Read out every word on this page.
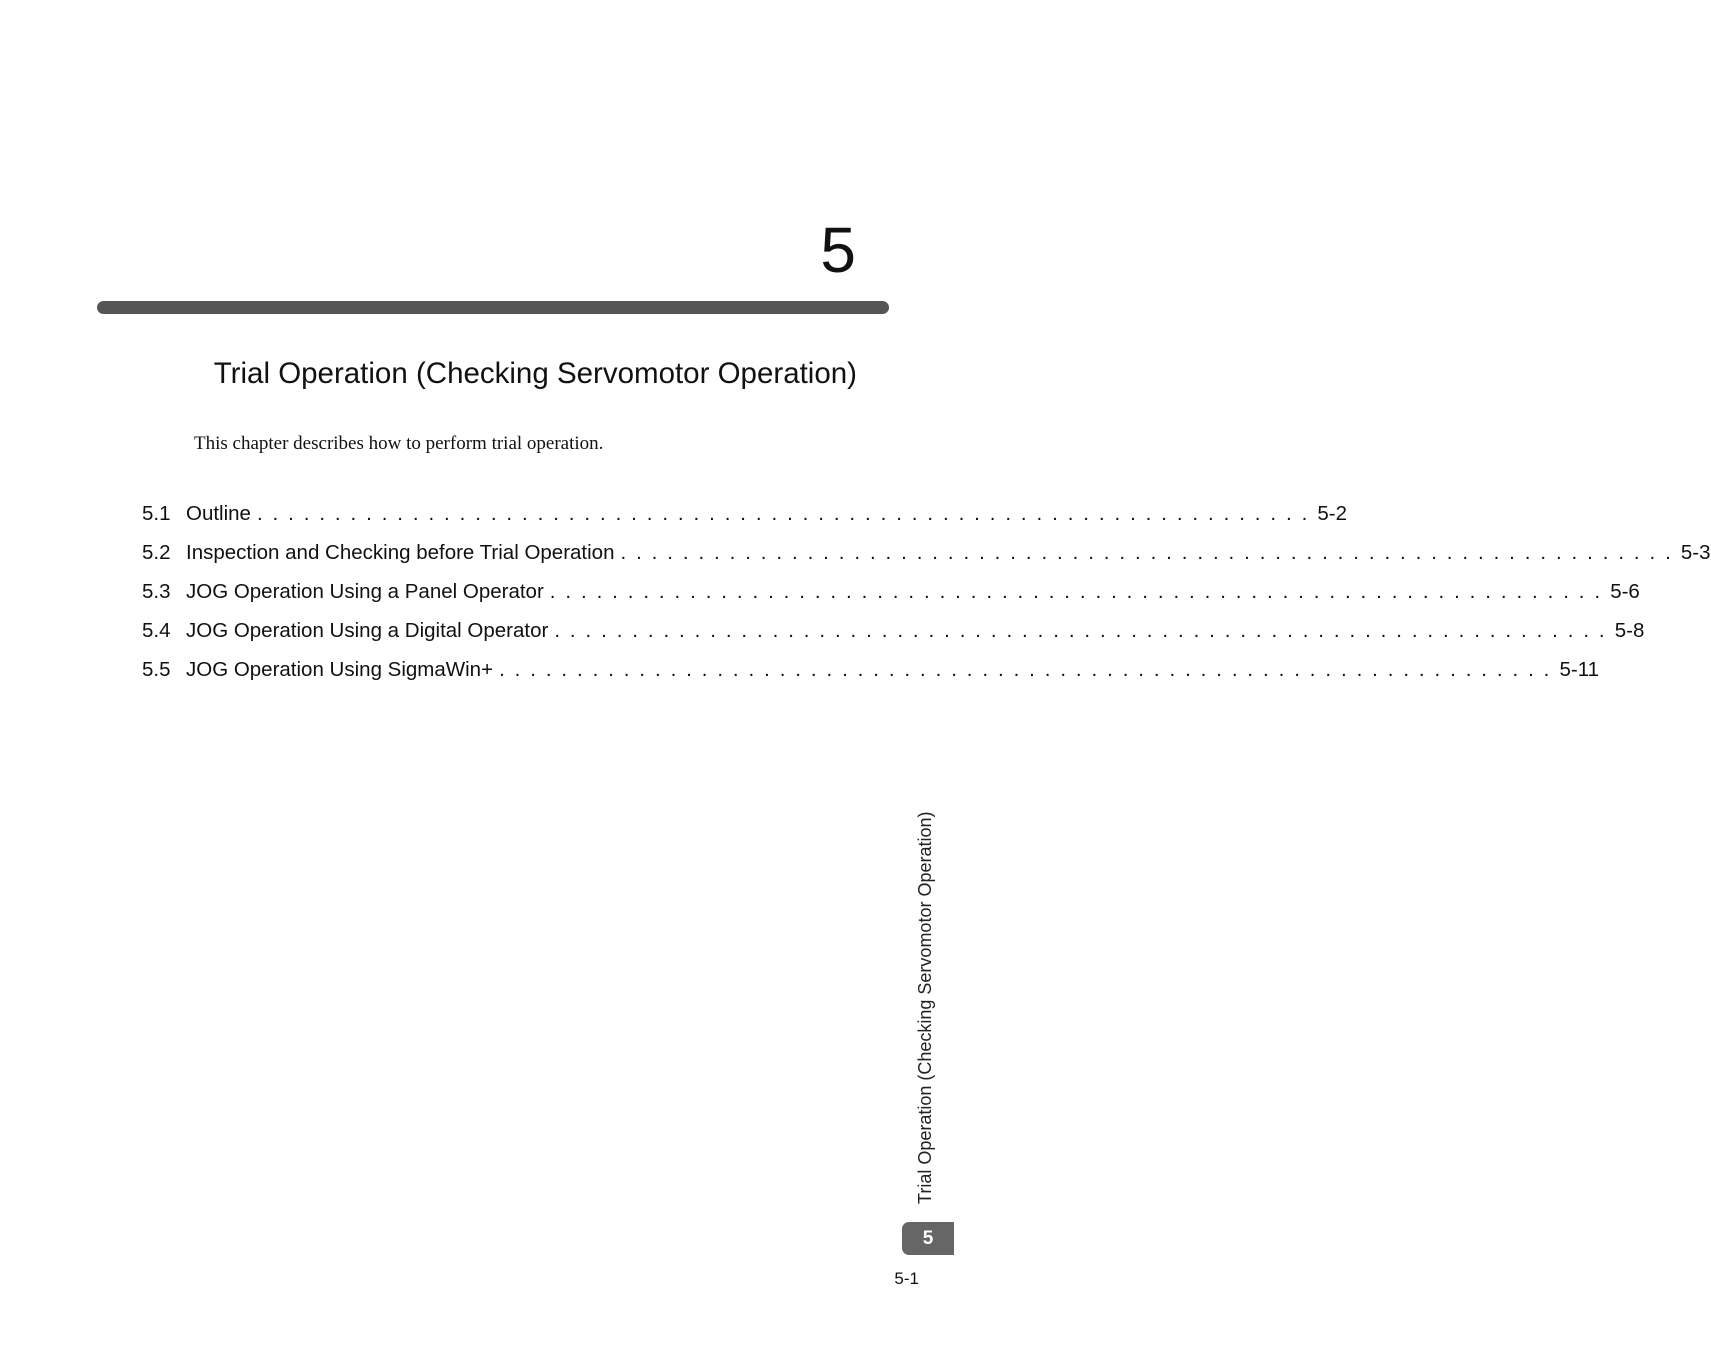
5
Trial Operation (Checking Servomotor Operation)
This chapter describes how to perform trial operation.
5.1 Outline . . . . . . . . . . . . . . . . . . . . . . . . . . . . . . . . . . . . . . . . . . . . . . . . . . . . . . . . . . . . . . . . . . . . 5-2
5.2 Inspection and Checking before Trial Operation . . . . . . . . . . . . . . . . . . . . . . . . . . . . . . . . . . . . . . . . . . . . . . . . . . . . . . . . . . . . . . . . . . . . 5-3
5.3 JOG Operation Using a Panel Operator . . . . . . . . . . . . . . . . . . . . . . . . . . . . . . . . . . . . . . . . . . . . . . . . . . . . . . . . . . . . . . . . . . . . 5-6
5.4 JOG Operation Using a Digital Operator . . . . . . . . . . . . . . . . . . . . . . . . . . . . . . . . . . . . . . . . . . . . . . . . . . . . . . . . . . . . . . . . . . . . 5-8
5.5 JOG Operation Using SigmaWin+ . . . . . . . . . . . . . . . . . . . . . . . . . . . . . . . . . . . . . . . . . . . . . . . . . . . . . . . . . . . . . . . . . . . . 5-11
Trial Operation (Checking Servomotor Operation)
5
5-1
